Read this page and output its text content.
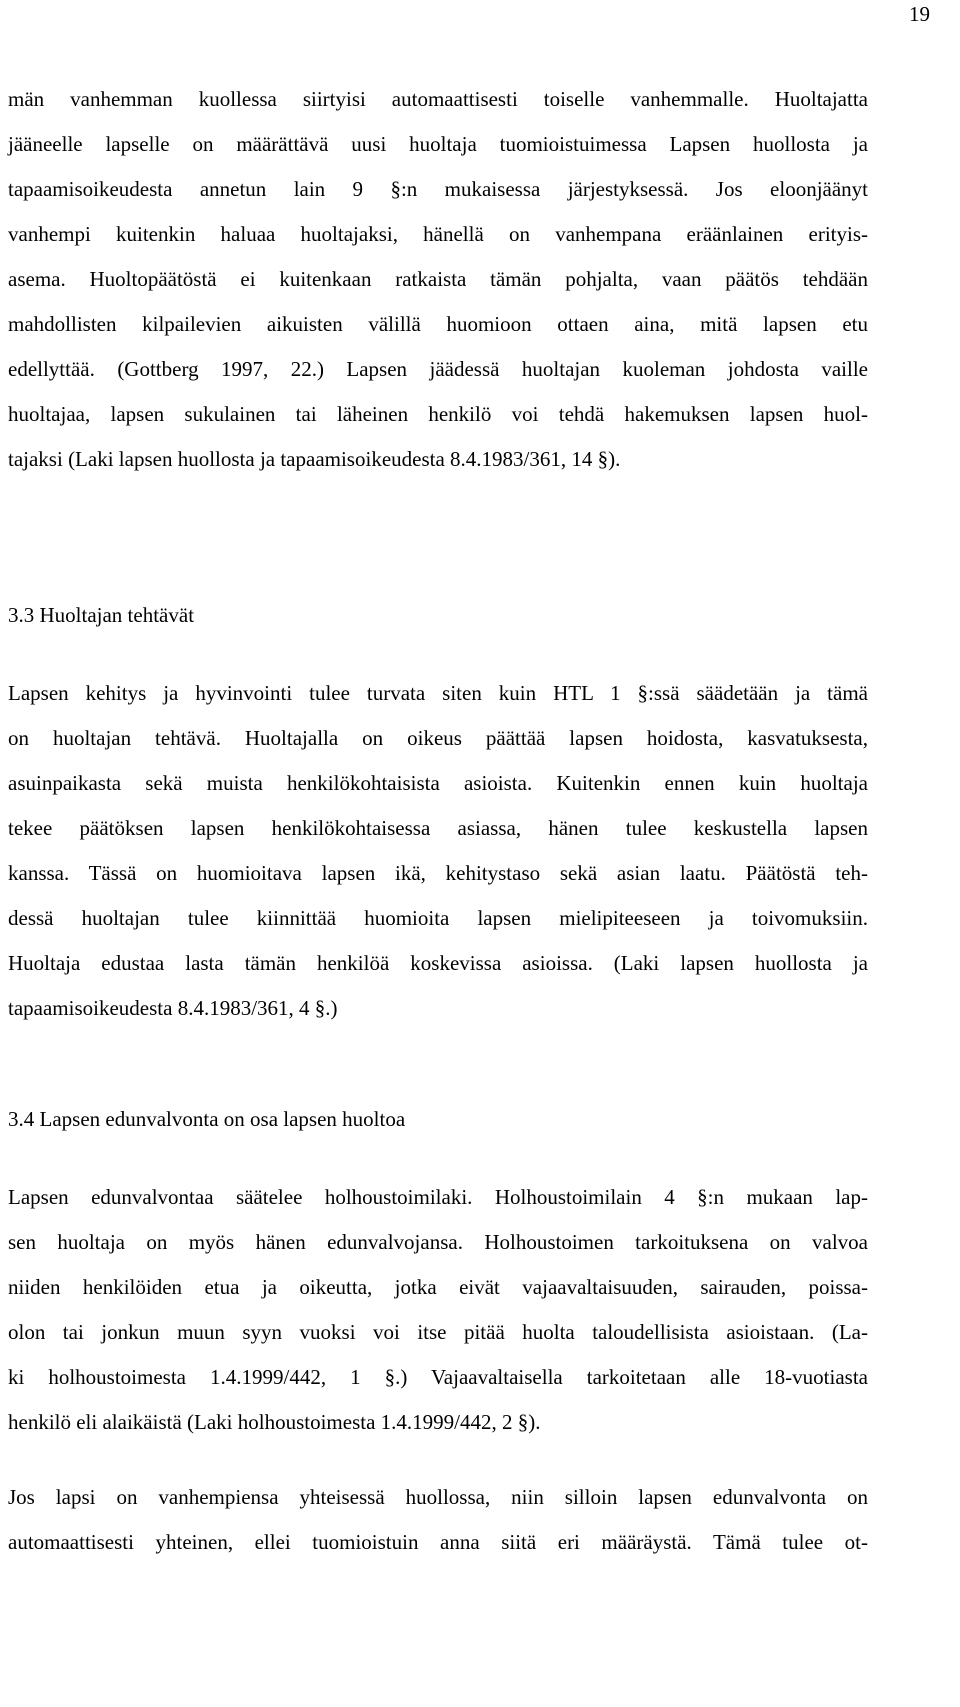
19
män vanhemman kuollessa siirtyisi automaattisesti toiselle vanhemmalle. Huoltajatta
jääneelle lapselle on määrättävä uusi huoltaja tuomioistuimessa Lapsen huollosta ja
tapaamisoikeudesta annetun lain 9 §:n mukaisessa järjestyksessä. Jos eloonjäänyt
vanhempi kuitenkin haluaa huoltajaksi, hänellä on vanhempana eräänlainen erityis-
asema. Huoltopäätöstä ei kuitenkaan ratkaista tämän pohjalta, vaan päätös tehdään
mahdollisten kilpailevien aikuisten välillä huomioon ottaen aina, mitä lapsen etu
edellyttää. (Gottberg 1997, 22.) Lapsen jäädessä huoltajan kuoleman johdosta vaille
huoltajaa, lapsen sukulainen tai läheinen henkilö voi tehdä hakemuksen lapsen huol-
tajaksi (Laki lapsen huollosta ja tapaamisoikeudesta 8.4.1983/361, 14 §).
3.3 Huoltajan tehtävät
Lapsen kehitys ja hyvinvointi tulee turvata siten kuin HTL 1 §:ssä säädetään ja tämä
on huoltajan tehtävä. Huoltajalla on oikeus päättää lapsen hoidosta, kasvatuksesta,
asuinpaikasta sekä muista henkilökohtaisista asioista. Kuitenkin ennen kuin huoltaja
tekee päätöksen lapsen henkilökohtaisessa asiassa, hänen tulee keskustella lapsen
kanssa. Tässä on huomioitava lapsen ikä, kehitystaso sekä asian laatu. Päätöstä teh-
dessä huoltajan tulee kiinnittää huomioita lapsen mielipiteeseen ja toivomuksiin.
Huoltaja edustaa lasta tämän henkilöä koskevissa asioissa. (Laki lapsen huollosta ja
tapaamisoikeudesta 8.4.1983/361, 4 §.)
3.4 Lapsen edunvalvonta on osa lapsen huoltoa
Lapsen edunvalvontaa säätelee holhoustoimilaki. Holhoustoimilain 4 §:n mukaan lap-
sen huoltaja on myös hänen edunvalvojansa. Holhoustoimen tarkoituksena on valvoa
niiden henkilöiden etua ja oikeutta, jotka eivät vajaavaltaisuuden, sairauden, poissa-
olon tai jonkun muun syyn vuoksi voi itse pitää huolta taloudellisista asioistaan. (La-
ki holhoustoimesta 1.4.1999/442, 1 §.) Vajaavaltaisella tarkoitetaan alle 18-vuotiasta
henkilö eli alaikäistä (Laki holhoustoimesta 1.4.1999/442, 2 §).
Jos lapsi on vanhempiensa yhteisessä huollossa, niin silloin lapsen edunvalvonta on
automaattisesti yhteinen, ellei tuomioistuin anna siitä eri määräystä. Tämä tulee ot-
